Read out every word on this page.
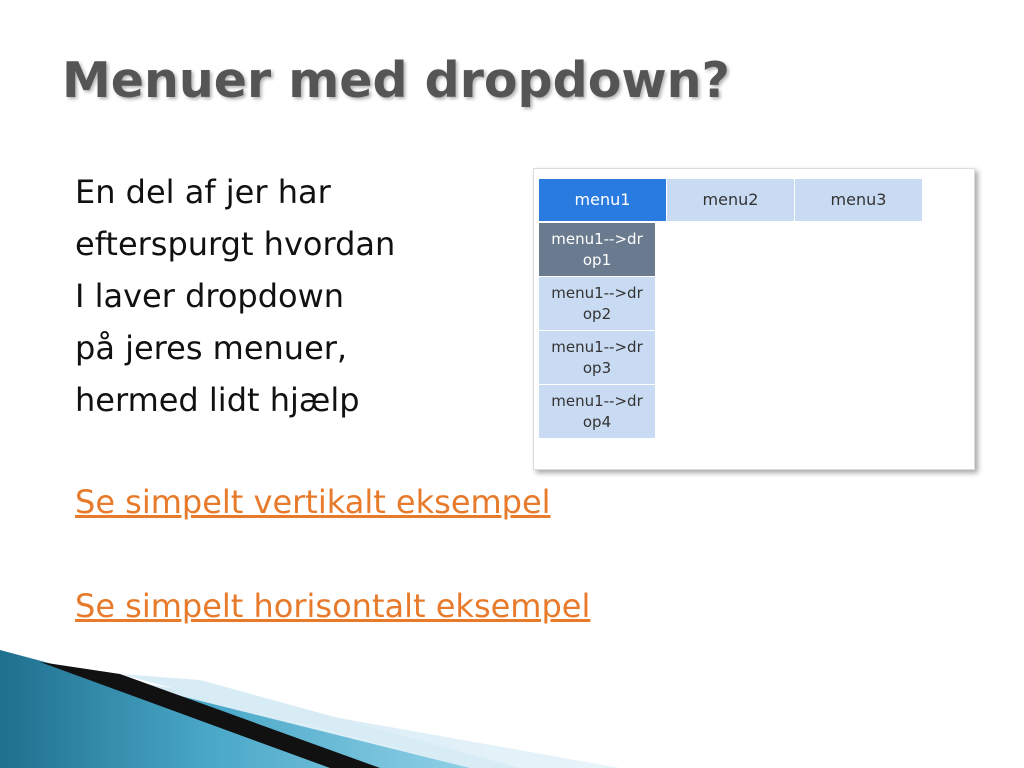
Menuer med dropdown?
En del af jer har
efterspurgt hvordan
I laver dropdown
på jeres menuer,
hermed lidt hjælp
Se simpelt vertikalt eksempel
Se simpelt horisontalt eksempel
menu1	menu2	menu3
menu1-->drop1
menu1-->drop2
menu1-->drop3
menu1-->drop4
